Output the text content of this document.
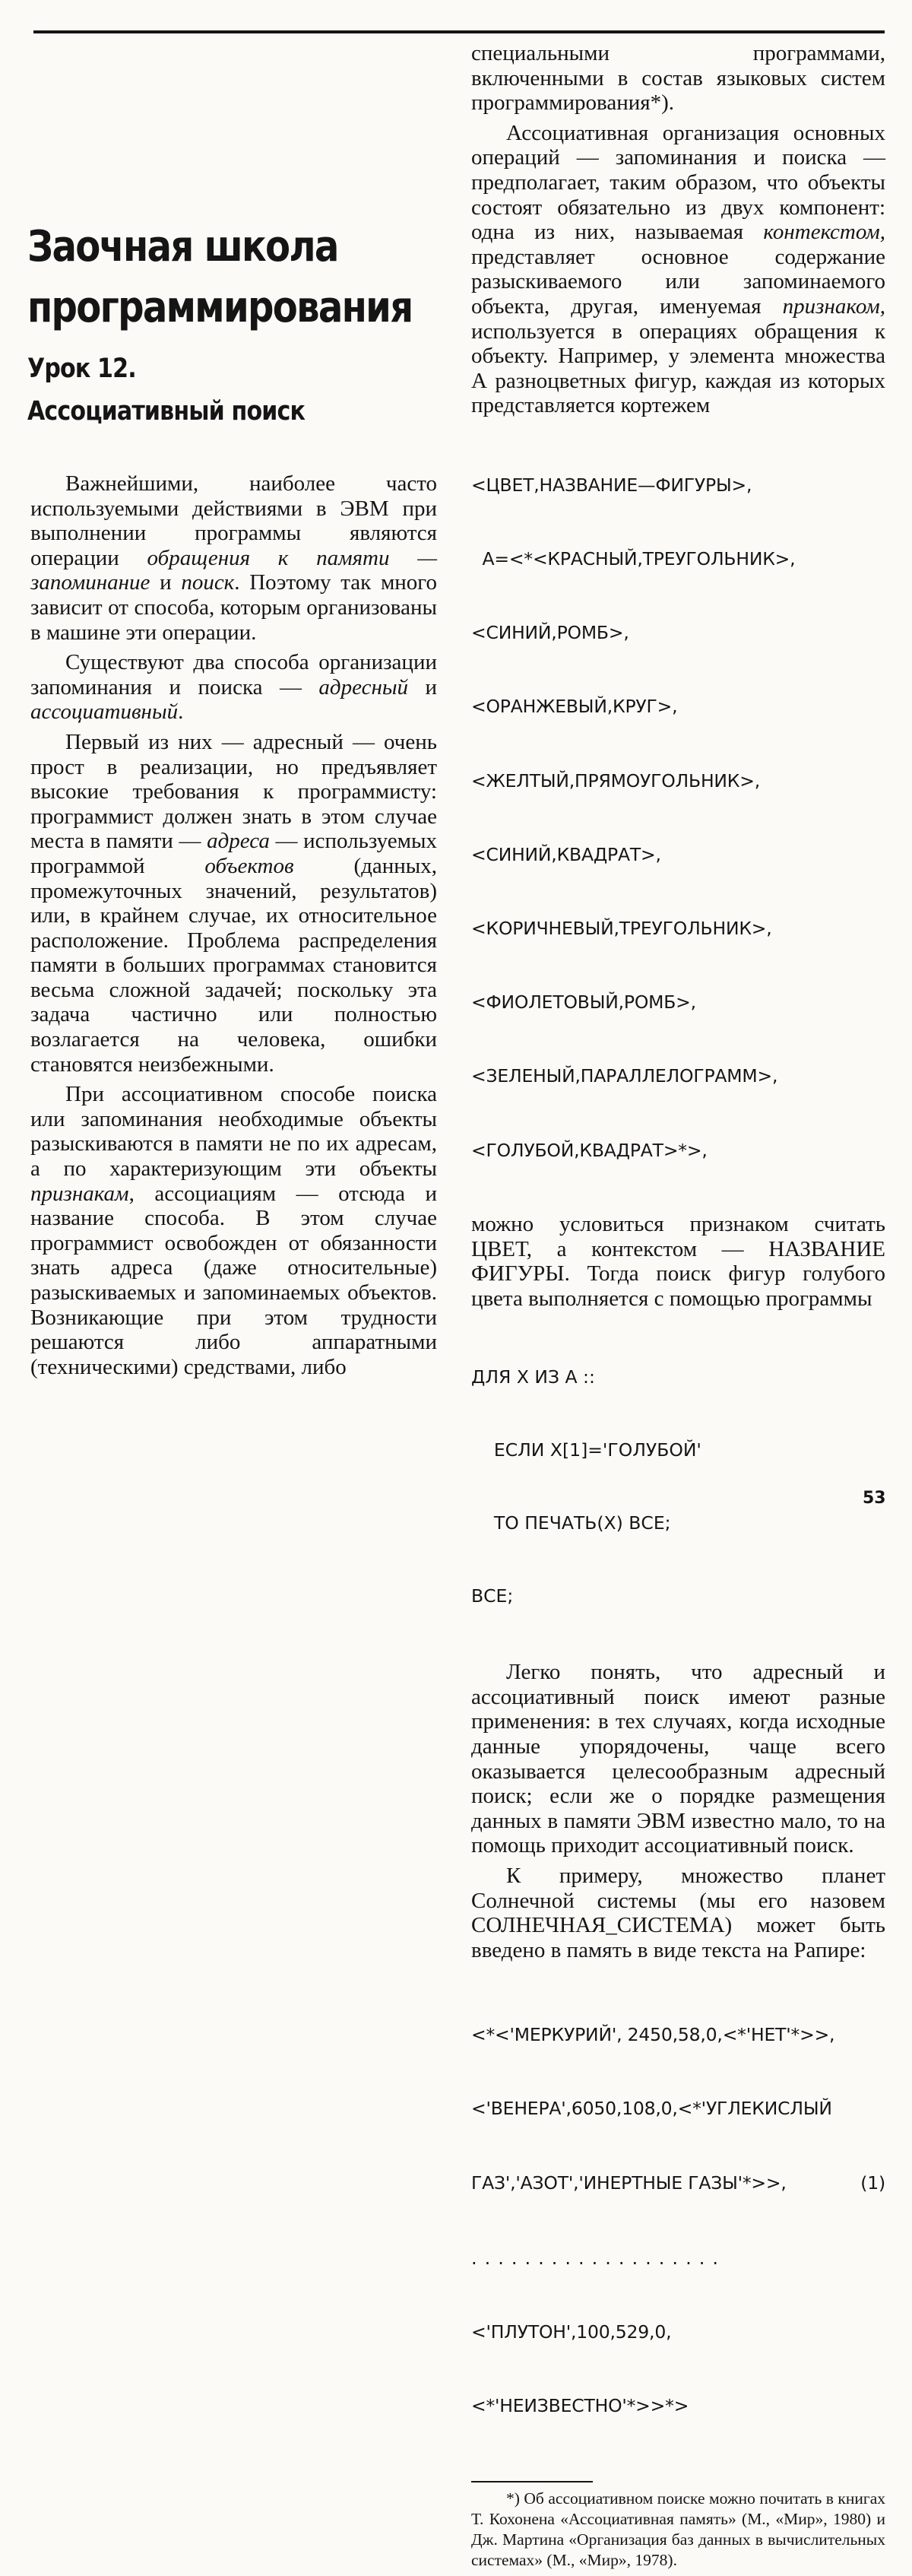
Заочная школа
программирования
Урок 12.
Ассоциативный поиск

Важнейшими, наиболее часто используемыми действиями в ЭВМ при выполнении программы являются операции обращения к памяти — запоминание и поиск. Поэтому так много зависит от способа, которым организованы в машине эти операции.

Существуют два способа организации запоминания и поиска — адресный и ассоциативный.

Первый из них — адресный — очень прост в реализации, но предъявляет высокие требования к программисту: программист должен знать в этом случае места в памяти — адреса — используемых программой объектов (данных, промежуточных значений, результатов) или, в крайнем случае, их относительное расположение. Проблема распределения памяти в больших программах становится весьма сложной задачей; поскольку эта задача частично или полностью возлагается на человека, ошибки становятся неизбежными.

При ассоциативном способе поиска или запоминания необходимые объекты разыскиваются в памяти не по их адресам, а по характеризующим эти объекты признакам, ассоциациям — отсюда и название способа. В этом случае программист освобожден от обязанности знать адреса (даже относительные) разыскиваемых и запоминаемых объектов. Возникающие при этом трудности решаются либо аппаратными (техническими) средствами, либо

специальными программами, включенными в состав языковых систем программирования*).

Ассоциативная организация основных операций — запоминания и поиска — предполагает, таким образом, что объекты состоят обязательно из двух компонент: одна из них, называемая контекстом, представляет основное содержание разыскиваемого или запоминаемого объекта, другая, именуемая признаком, используется в операциях обращения к объекту. Например, у элемента множества А разноцветных фигур, каждая из которых представляется кортежем

<ЦВЕТ,НАЗВАНИЕ—ФИГУРЫ>,

A=<*<КРАСНЫЙ,ТРЕУГОЛЬНИК>,

<СИНИЙ,РОМБ>,

<ОРАНЖЕВЫЙ,КРУГ>,

<ЖЕЛТЫЙ,ПРЯМОУГОЛЬНИК>,

<СИНИЙ,КВАДРАТ>,

<КОРИЧНЕВЫЙ,ТРЕУГОЛЬНИК>,

<ФИОЛЕТОВЫЙ,РОМБ>,

<ЗЕЛЕНЫЙ,ПАРАЛЛЕЛОГРАММ>,

<ГОЛУБОЙ,КВАДРАТ>*>,

можно условиться признаком считать ЦВЕТ, а контекстом — НАЗВАНИЕ ФИГУРЫ. Тогда поиск фигур голубого цвета выполняется с помощью программы

ДЛЯ Х ИЗ А ::

ЕСЛИ Х[1]='ГОЛУБОЙ'

ТО ПЕЧАТЬ(Х) ВСЕ;

ВСЕ;

Легко понять, что адресный и ассоциативный поиск имеют разные применения: в тех случаях, когда исходные данные упорядочены, чаще всего оказывается целесообразным адресный поиск; если же о порядке размещения данных в памяти ЭВМ известно мало, то на помощь приходит ассоциативный поиск.

К примеру, множество планет Солнечной системы (мы его назовем СОЛНЕЧНАЯ_СИСТЕМА) может быть введено в память в виде текста на Рапире:

<*<'МЕРКУРИЙ', 2450,58,0,<*'НЕТ'*>>,

<'ВЕНЕРА',6050,108,0,<*'УГЛЕКИСЛЫЙ

ГАЗ','АЗОТ','ИНЕРТНЫЕ ГАЗЫ'*>>,	(1)

...................

<'ПЛУТОН',100,529,0,

<*'НЕИЗВЕСТНО'*>>*>

*) Об ассоциативном поиске можно почитать в книгах Т. Кохонена «Ассоциативная память» (М., «Мир», 1980) и Дж. Мартина «Организация баз данных в вычислительных системах» (М., «Мир», 1978).

53
